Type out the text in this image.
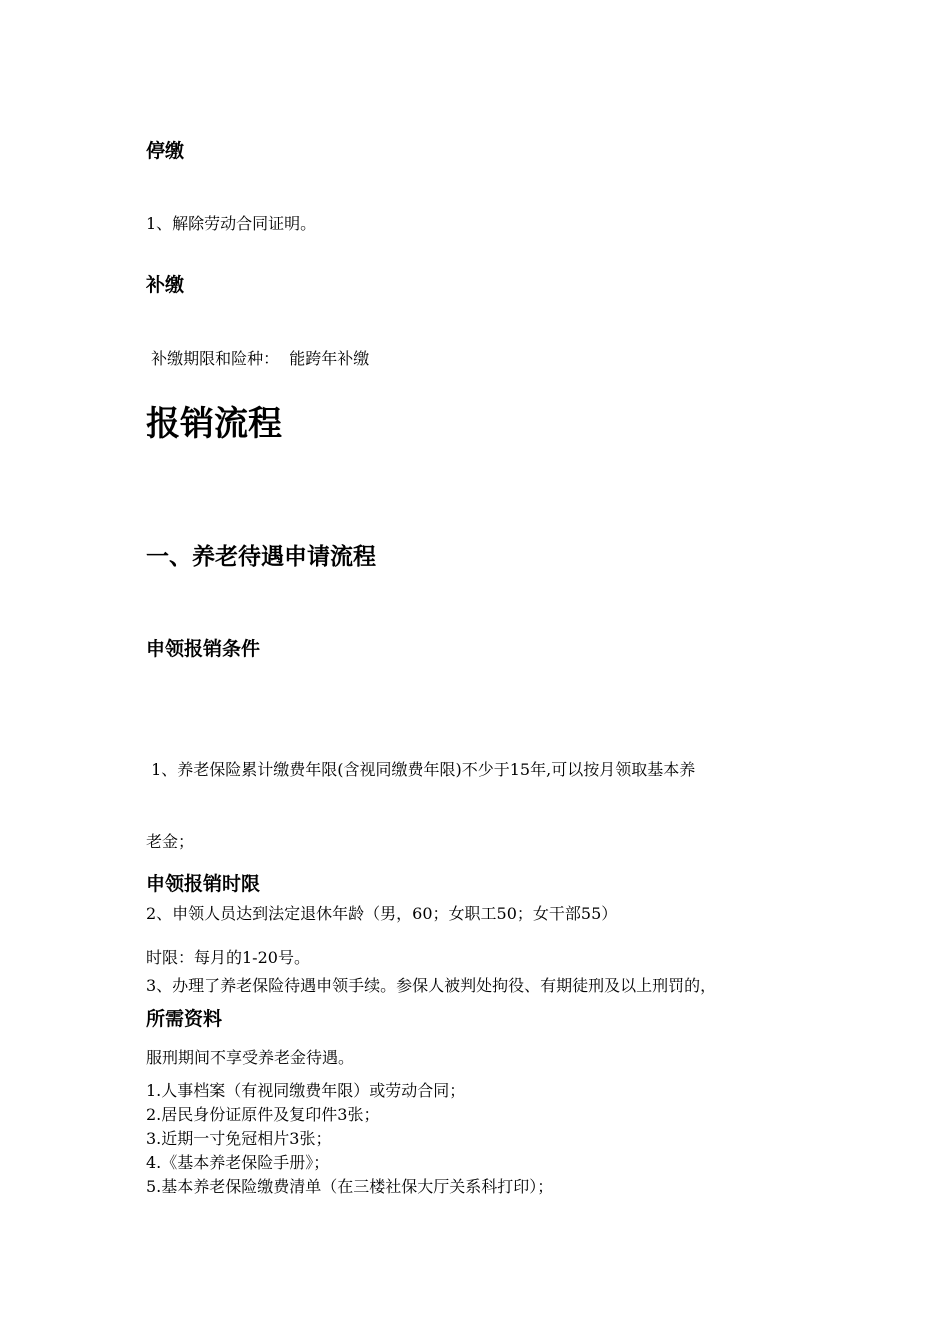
停缴
1、解除劳动合同证明。
补缴
补缴期限和险种：  能跨年补缴
报销流程
一、养老待遇申请流程
申领报销条件

1、养老保险累计缴费年限(含视同缴费年限)不少于15年,可以按月领取基本养

老金；

2、申领人员达到法定退休年龄（男，60；女职工50；女干部55）

3、办理了养老保险待遇申领手续。参保人被判处拘役、有期徒刑及以上刑罚的，

服刑期间不享受养老金待遇。

申领报销时限
时限：每月的1-20号。
所需资料
1.人事档案（有视同缴费年限）或劳动合同；
2.居民身份证原件及复印件3张；
3.近期一寸免冠相片3张；
4.《基本养老保险手册》；
5.基本养老保险缴费清单（在三楼社保大厅关系科打印）；
